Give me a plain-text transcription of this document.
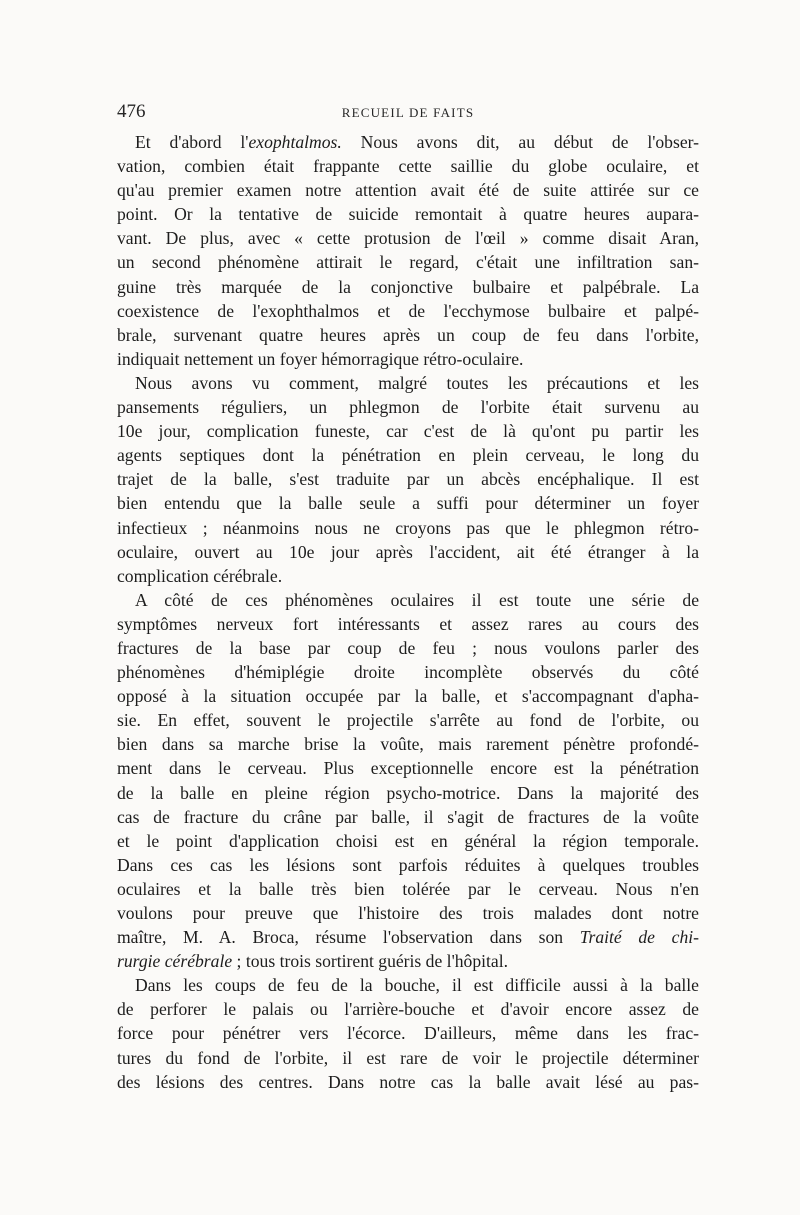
476	RECUEIL DE FAITS
Et d'abord l'exophtalmos. Nous avons dit, au début de l'obser-
vation, combien était frappante cette saillie du globe oculaire, et
qu'au premier examen notre attention avait été de suite attirée sur ce
point. Or la tentative de suicide remontait à quatre heures aupara-
vant. De plus, avec « cette protusion de l'œil » comme disait Aran,
un second phénomène attirait le regard, c'était une infiltration san-
guine très marquée de la conjonctive bulbaire et palpébrale. La
coexistence de l'exophthalmos et de l'ecchymose bulbaire et palpé-
brale, survenant quatre heures après un coup de feu dans l'orbite,
indiquait nettement un foyer hémorragique rétro-oculaire.
Nous avons vu comment, malgré toutes les précautions et les
pansements réguliers, un phlegmon de l'orbite était survenu au
10e jour, complication funeste, car c'est de là qu'ont pu partir les
agents septiques dont la pénétration en plein cerveau, le long du
trajet de la balle, s'est traduite par un abcès encéphalique. Il est
bien entendu que la balle seule a suffi pour déterminer un foyer
infectieux ; néanmoins nous ne croyons pas que le phlegmon rétro-
oculaire, ouvert au 10e jour après l'accident, ait été étranger à la
complication cérébrale.
A côté de ces phénomènes oculaires il est toute une série de
symptômes nerveux fort intéressants et assez rares au cours des
fractures de la base par coup de feu ; nous voulons parler des
phénomènes d'hémiplégie droite incomplète observés du côté
opposé à la situation occupée par la balle, et s'accompagnant d'apha-
sie. En effet, souvent le projectile s'arrête au fond de l'orbite, ou
bien dans sa marche brise la voûte, mais rarement pénètre profondé-
ment dans le cerveau. Plus exceptionnelle encore est la pénétration
de la balle en pleine région psycho-motrice. Dans la majorité des
cas de fracture du crâne par balle, il s'agit de fractures de la voûte
et le point d'application choisi est en général la région temporale.
Dans ces cas les lésions sont parfois réduites à quelques troubles
oculaires et la balle très bien tolérée par le cerveau. Nous n'en
voulons pour preuve que l'histoire des trois malades dont notre
maître, M. A. Broca, résume l'observation dans son Traité de chi-
rurgie cérébrale ; tous trois sortirent guéris de l'hôpital.
Dans les coups de feu de la bouche, il est difficile aussi à la balle
de perforer le palais ou l'arrière-bouche et d'avoir encore assez de
force pour pénétrer vers l'écorce. D'ailleurs, même dans les frac-
tures du fond de l'orbite, il est rare de voir le projectile déterminer
des lésions des centres. Dans notre cas la balle avait lésé au pas-
